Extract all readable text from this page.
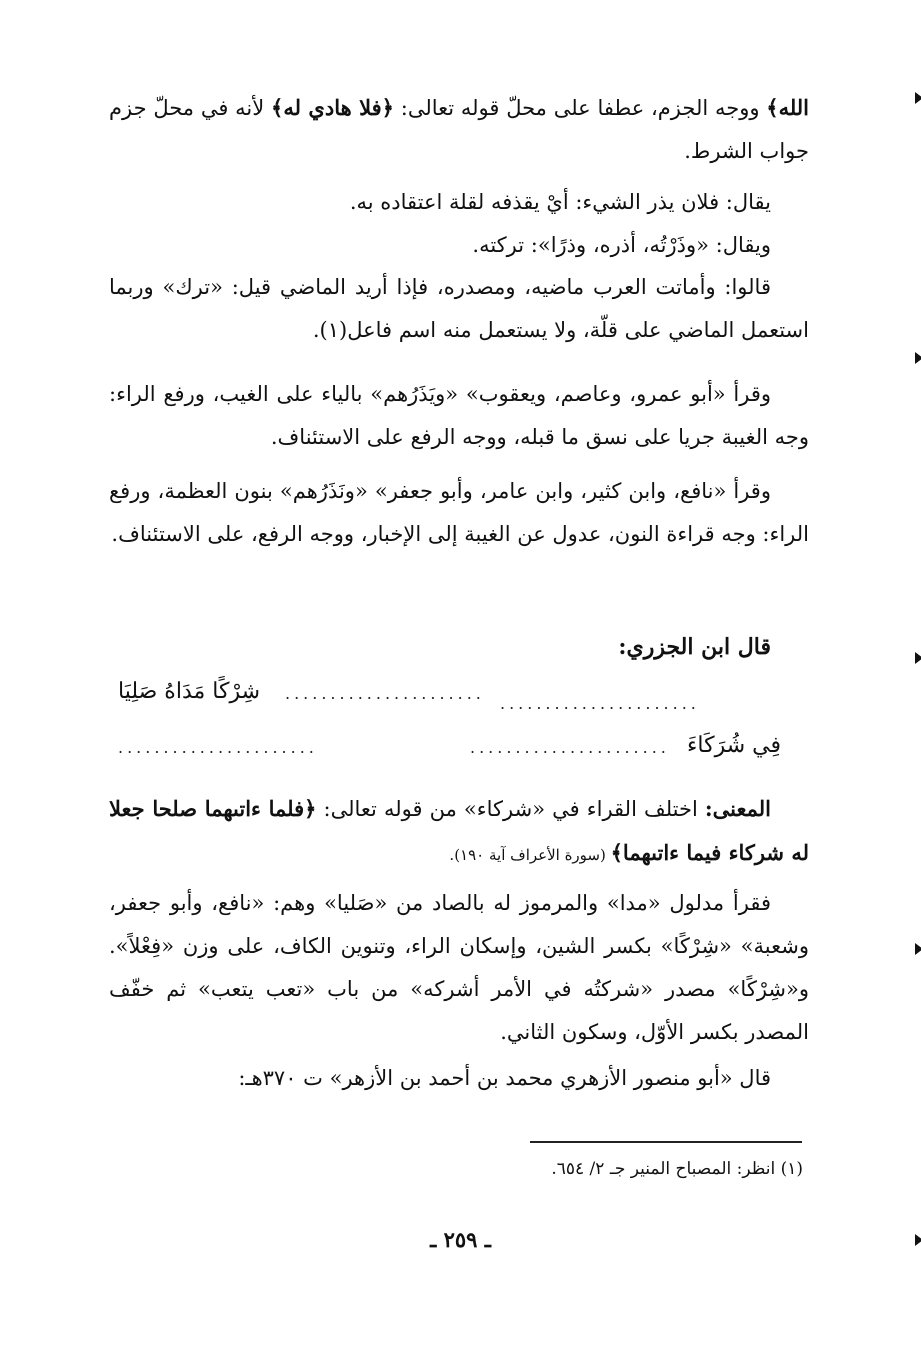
الله﴾ ووجه الجزم، عطفا على محلّ قوله تعالى: ﴿فلا هادي له﴾ لأنه في محلّ جزم جواب الشرط.

يقال: فلان يذر الشيء: أيْ يقذفه لقلة اعتقاده به.

ويقال: «وذَرْتُه، أذره، وذرًا»: تركته.

قالوا: وأماتت العرب ماضيه، ومصدره، فإذا أريد الماضي قيل: «ترك» وربما استعمل الماضي على قلّة، ولا يستعمل منه اسم فاعل(١).

وقرأ «أبو عمرو، وعاصم، ويعقوب» «ويَذَرُهم» بالياء على الغيب، ورفع الراء: وجه الغيبة جريا على نسق ما قبله، ووجه الرفع على الاستئناف.

وقرأ «نافع، وابن كثير، وابن عامر، وأبو جعفر» «ونَذَرُهم» بنون العظمة، ورفع الراء: وجه قراءة النون، عدول عن الغيبة إلى الإخبار، ووجه الرفع، على الاستئناف.

قال ابن الجزري:
شِرْكًا مَدَاهُ صَلِيَا ......................
......................
فِي شُرَكَاءَ
......................	......................

المعنى: اختلف القراء في «شركاء» من قوله تعالى: ﴿فلما ءاتىهما صلحا جعلا له شركاء فيما ءاتىهما﴾ (سورة الأعراف آية ١٩٠).

فقرأ مدلول «مدا» والمرموز له بالصاد من «صَليا» وهم: «نافع، وأبو جعفر، وشعبة» «شِرْكًا» بكسر الشين، وإسكان الراء، وتنوين الكاف، على وزن «فِعْلاً». و«شِرْكًا» مصدر «شركتُه في الأمر أشركه» من باب «تعب يتعب» ثم خفّف المصدر بكسر الأوّل، وسكون الثاني.

قال «أبو منصور الأزهري محمد بن أحمد بن الأزهر» ت ٣٧٠هـ:

(١) انظر: المصباح المنير جـ ٢/ ٦٥٤.
ـ ٢٥٩ ـ
